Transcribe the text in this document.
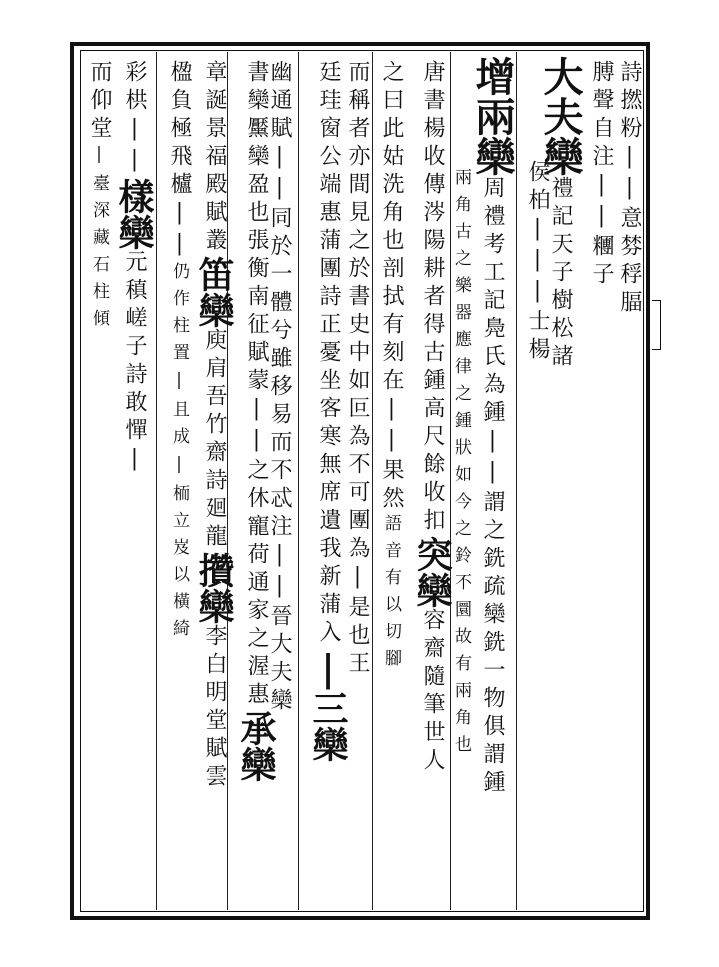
詩撚粉||意棼稃腷
膊聲自注||糰子
大夫欒禮記天子樹松諸
侯柏|||士楊
增兩欒周禮考工記鳧氏為鍾||謂之銑疏欒銑一物俱謂鍾
兩角古之樂器應律之鍾狀如今之鈴不圜故有兩角也
唐書楊收傳涔陽耕者得古鍾高尺餘收扣突欒容齋隨筆世人
之曰此姑洗角也剖拭有刻在||果然語音有以切腳
而稱者亦間見之於書史中如叵為不可團為|是也王
廷珪窗公端惠蒲團詩正憂坐客寒無席遺我新蒲入|三欒
幽通賦||同於一體兮雖移易而不忒注||晉大夫欒
書欒黶欒盈也張衡南征賦蒙||之休寵荷通家之渥惠承欒
章誕景福殿賦叢笛欒庾肩吾竹齋詩廻龍攢欒李白明堂賦雲
楹負極飛櫨||仍作柱置|且成|栭立岌以橫綺
彩栱||樣欒元稹嵯子詩敢憚|
而仰堂|臺深藏石柱傾
